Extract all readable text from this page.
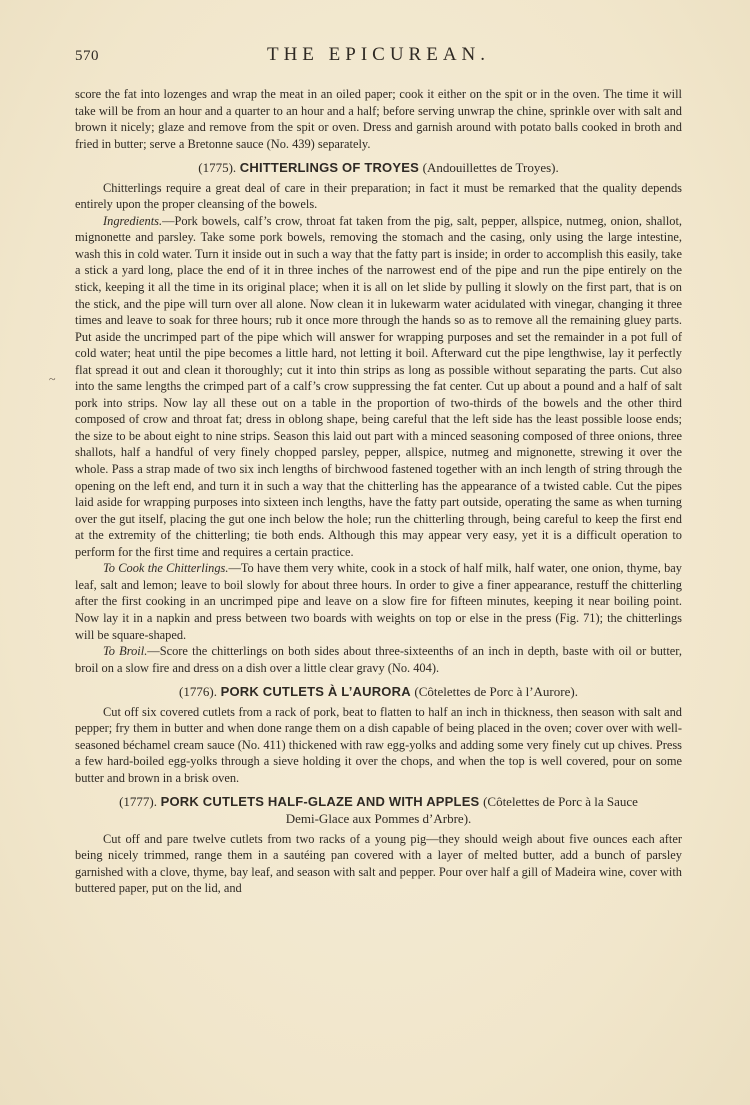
570	THE EPICUREAN.
~

score the fat into lozenges and wrap the meat in an oiled paper; cook it either on the spit or in the oven. The time it will take will be from an hour and a quarter to an hour and a half; before serving unwrap the chine, sprinkle over with salt and brown it nicely; glaze and remove from the spit or oven. Dress and garnish around with potato balls cooked in broth and fried in butter; serve a Bretonne sauce (No. 439) separately.

(1775). CHITTERLINGS OF TROYES (Andouillettes de Troyes).

Chitterlings require a great deal of care in their preparation; in fact it must be remarked that the quality depends entirely upon the proper cleansing of the bowels.

Ingredients.—Pork bowels, calf’s crow, throat fat taken from the pig, salt, pepper, allspice, nutmeg, onion, shallot, mignonette and parsley. Take some pork bowels, removing the stomach and the casing, only using the large intestine, wash this in cold water. Turn it inside out in such a way that the fatty part is inside; in order to accomplish this easily, take a stick a yard long, place the end of it in three inches of the narrowest end of the pipe and run the pipe entirely on the stick, keeping it all the time in its original place; when it is all on let slide by pulling it slowly on the first part, that is on the stick, and the pipe will turn over all alone. Now clean it in lukewarm water acidulated with vinegar, changing it three times and leave to soak for three hours; rub it once more through the hands so as to remove all the remaining gluey parts. Put aside the uncrimped part of the pipe which will answer for wrapping purposes and set the remainder in a pot full of cold water; heat until the pipe becomes a little hard, not letting it boil. Afterward cut the pipe lengthwise, lay it perfectly flat spread it out and clean it thoroughly; cut it into thin strips as long as possible without separating the parts. Cut also into the same lengths the crimped part of a calf’s crow suppressing the fat center. Cut up about a pound and a half of salt pork into strips. Now lay all these out on a table in the proportion of two-thirds of the bowels and the other third composed of crow and throat fat; dress in oblong shape, being careful that the left side has the least possible loose ends; the size to be about eight to nine strips. Season this laid out part with a minced seasoning composed of three onions, three shallots, half a handful of very finely chopped parsley, pepper, allspice, nutmeg and mignonette, strewing it over the whole. Pass a strap made of two six inch lengths of birchwood fastened together with an inch length of string through the opening on the left end, and turn it in such a way that the chitterling has the appearance of a twisted cable. Cut the pipes laid aside for wrapping purposes into sixteen inch lengths, have the fatty part outside, operating the same as when turning over the gut itself, placing the gut one inch below the hole; run the chitterling through, being careful to keep the first end at the extremity of the chitterling; tie both ends. Although this may appear very easy, yet it is a difficult operation to perform for the first time and requires a certain practice.

To Cook the Chitterlings.—To have them very white, cook in a stock of half milk, half water, one onion, thyme, bay leaf, salt and lemon; leave to boil slowly for about three hours. In order to give a finer appearance, restuff the chitterling after the first cooking in an uncrimped pipe and leave on a slow fire for fifteen minutes, keeping it near boiling point. Now lay it in a napkin and press between two boards with weights on top or else in the press (Fig. 71); the chitterlings will be square-shaped.

To Broil.—Score the chitterlings on both sides about three-sixteenths of an inch in depth, baste with oil or butter, broil on a slow fire and dress on a dish over a little clear gravy (No. 404).

(1776). PORK CUTLETS À L’AURORA (Côtelettes de Porc à l’Aurore).

Cut off six covered cutlets from a rack of pork, beat to flatten to half an inch in thickness, then season with salt and pepper; fry them in butter and when done range them on a dish capable of being placed in the oven; cover over with well-seasoned béchamel cream sauce (No. 411) thickened with raw egg-yolks and adding some very finely cut up chives. Press a few hard-boiled egg-yolks through a sieve holding it over the chops, and when the top is well covered, pour on some butter and brown in a brisk oven.

(1777). PORK CUTLETS HALF-GLAZE AND WITH APPLES (Côtelettes de Porc à la Sauce
Demi-Glace aux Pommes d’Arbre).

Cut off and pare twelve cutlets from two racks of a young pig—they should weigh about five ounces each after being nicely trimmed, range them in a sautéing pan covered with a layer of melted butter, add a bunch of parsley garnished with a clove, thyme, bay leaf, and season with salt and pepper. Pour over half a gill of Madeira wine, cover with buttered paper, put on the lid, and
